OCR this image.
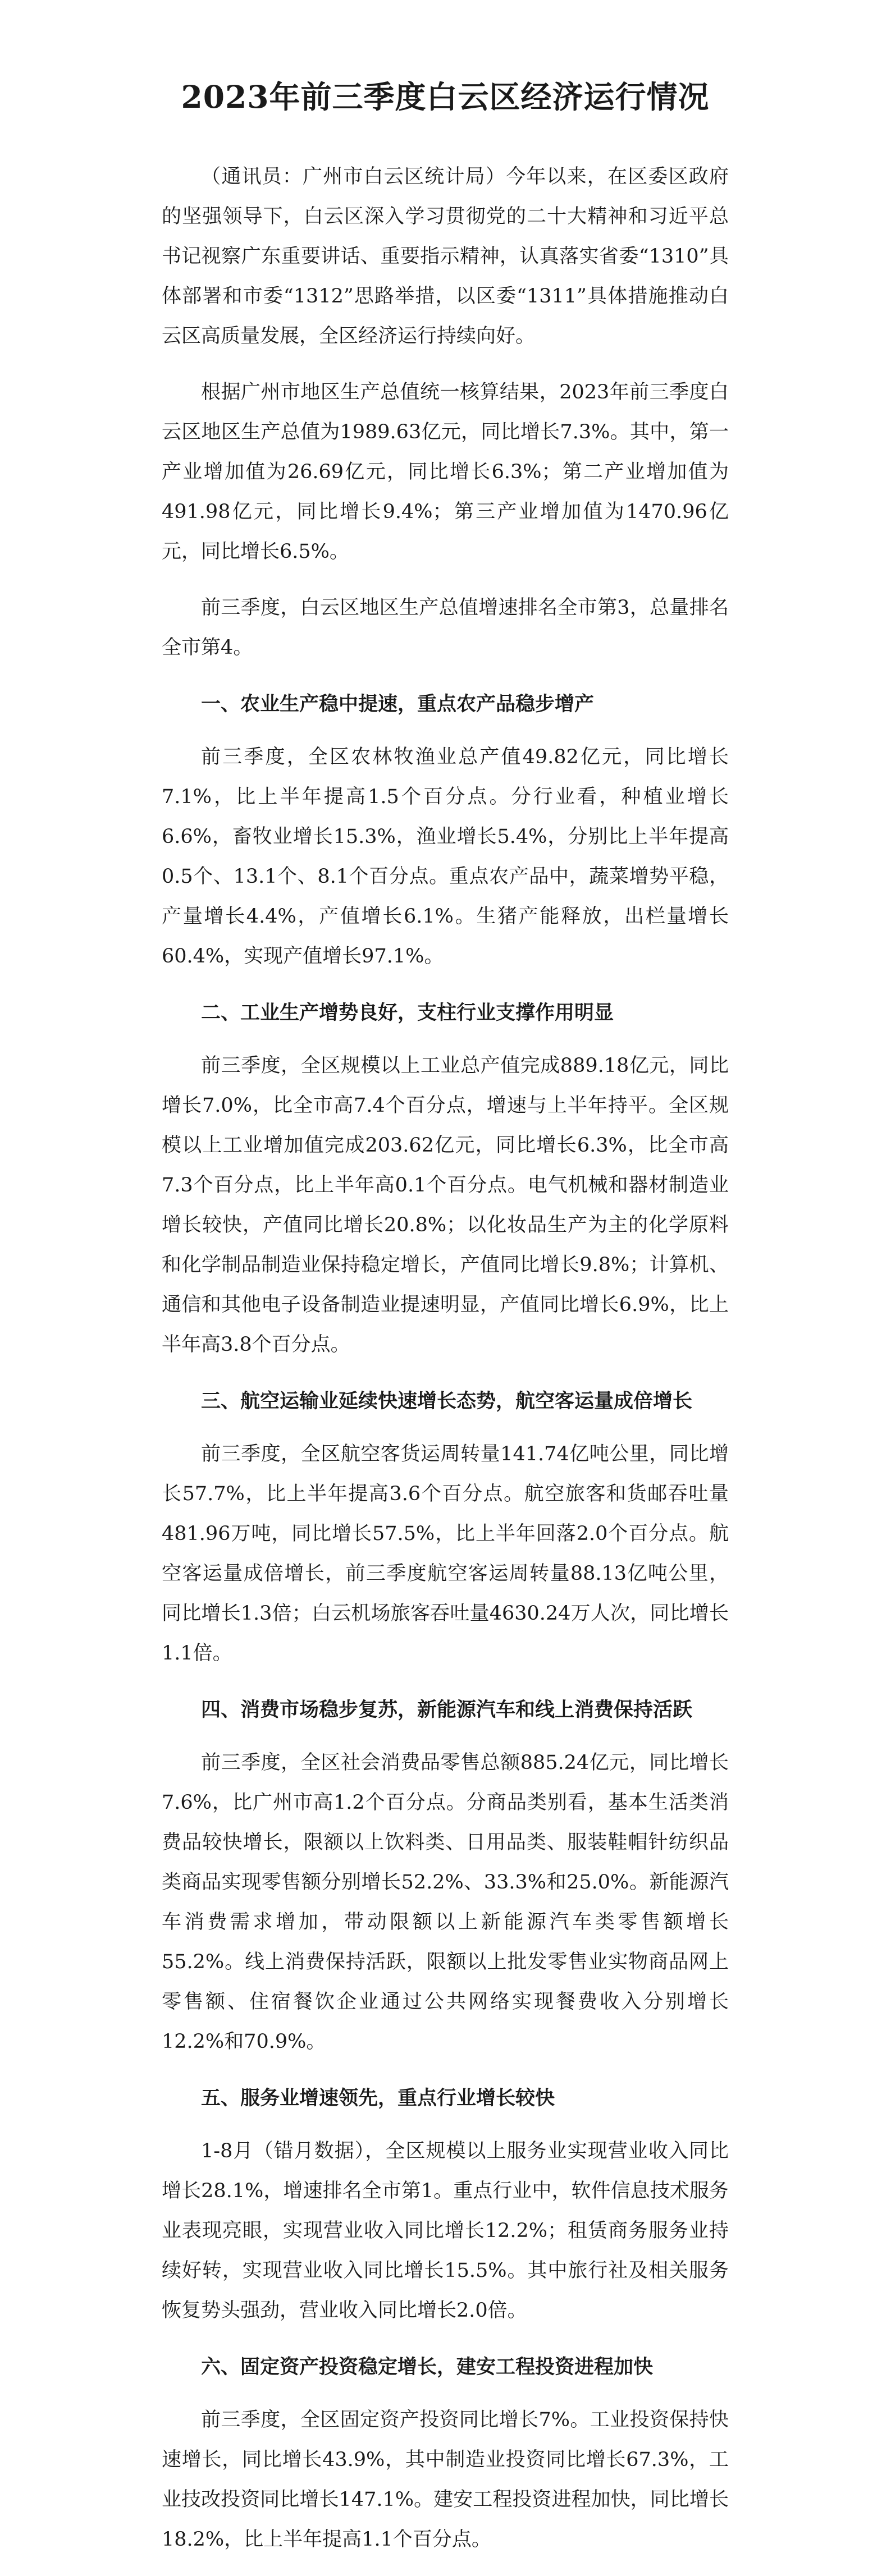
2023年前三季度白云区经济运行情况

（通讯员：广州市白云区统计局）今年以来，在区委区政府的坚强领导下，白云区深入学习贯彻党的二十大精神和习近平总书记视察广东重要讲话、重要指示精神，认真落实省委“1310”具体部署和市委“1312”思路举措，以区委“1311”具体措施推动白云区高质量发展，全区经济运行持续向好。

根据广州市地区生产总值统一核算结果，2023年前三季度白云区地区生产总值为1989.63亿元，同比增长7.3%。其中，第一产业增加值为26.69亿元，同比增长6.3%；第二产业增加值为491.98亿元，同比增长9.4%；第三产业增加值为1470.96亿元，同比增长6.5%。

前三季度，白云区地区生产总值增速排名全市第3，总量排名全市第4。

一、农业生产稳中提速，重点农产品稳步增产

前三季度，全区农林牧渔业总产值49.82亿元，同比增长7.1%，比上半年提高1.5个百分点。分行业看，种植业增长6.6%，畜牧业增长15.3%，渔业增长5.4%，分别比上半年提高0.5个、13.1个、8.1个百分点。重点农产品中，蔬菜增势平稳，产量增长4.4%，产值增长6.1%。生猪产能释放，出栏量增长60.4%，实现产值增长97.1%。

二、工业生产增势良好，支柱行业支撑作用明显

前三季度，全区规模以上工业总产值完成889.18亿元，同比增长7.0%，比全市高7.4个百分点，增速与上半年持平。全区规模以上工业增加值完成203.62亿元，同比增长6.3%，比全市高7.3个百分点，比上半年高0.1个百分点。电气机械和器材制造业增长较快，产值同比增长20.8%；以化妆品生产为主的化学原料和化学制品制造业保持稳定增长，产值同比增长9.8%；计算机、通信和其他电子设备制造业提速明显，产值同比增长6.9%，比上半年高3.8个百分点。

三、航空运输业延续快速增长态势，航空客运量成倍增长

前三季度，全区航空客货运周转量141.74亿吨公里，同比增长57.7%，比上半年提高3.6个百分点。航空旅客和货邮吞吐量481.96万吨，同比增长57.5%，比上半年回落2.0个百分点。航空客运量成倍增长，前三季度航空客运周转量88.13亿吨公里，同比增长1.3倍；白云机场旅客吞吐量4630.24万人次，同比增长1.1倍。

四、消费市场稳步复苏，新能源汽车和线上消费保持活跃

前三季度，全区社会消费品零售总额885.24亿元，同比增长7.6%，比广州市高1.2个百分点。分商品类别看，基本生活类消费品较快增长，限额以上饮料类、日用品类、服装鞋帽针纺织品类商品实现零售额分别增长52.2%、33.3%和25.0%。新能源汽车消费需求增加，带动限额以上新能源汽车类零售额增长55.2%。线上消费保持活跃，限额以上批发零售业实物商品网上零售额、住宿餐饮企业通过公共网络实现餐费收入分别增长12.2%和70.9%。

五、服务业增速领先，重点行业增长较快

1-8月（错月数据），全区规模以上服务业实现营业收入同比增长28.1%，增速排名全市第1。重点行业中，软件信息技术服务业表现亮眼，实现营业收入同比增长12.2%；租赁商务服务业持续好转，实现营业收入同比增长15.5%。其中旅行社及相关服务恢复势头强劲，营业收入同比增长2.0倍。

六、固定资产投资稳定增长，建安工程投资进程加快

前三季度，全区固定资产投资同比增长7%。工业投资保持快速增长，同比增长43.9%，其中制造业投资同比增长67.3%，工业技改投资同比增长147.1%。建安工程投资进程加快，同比增长18.2%，比上半年提高1.1个百分点。
